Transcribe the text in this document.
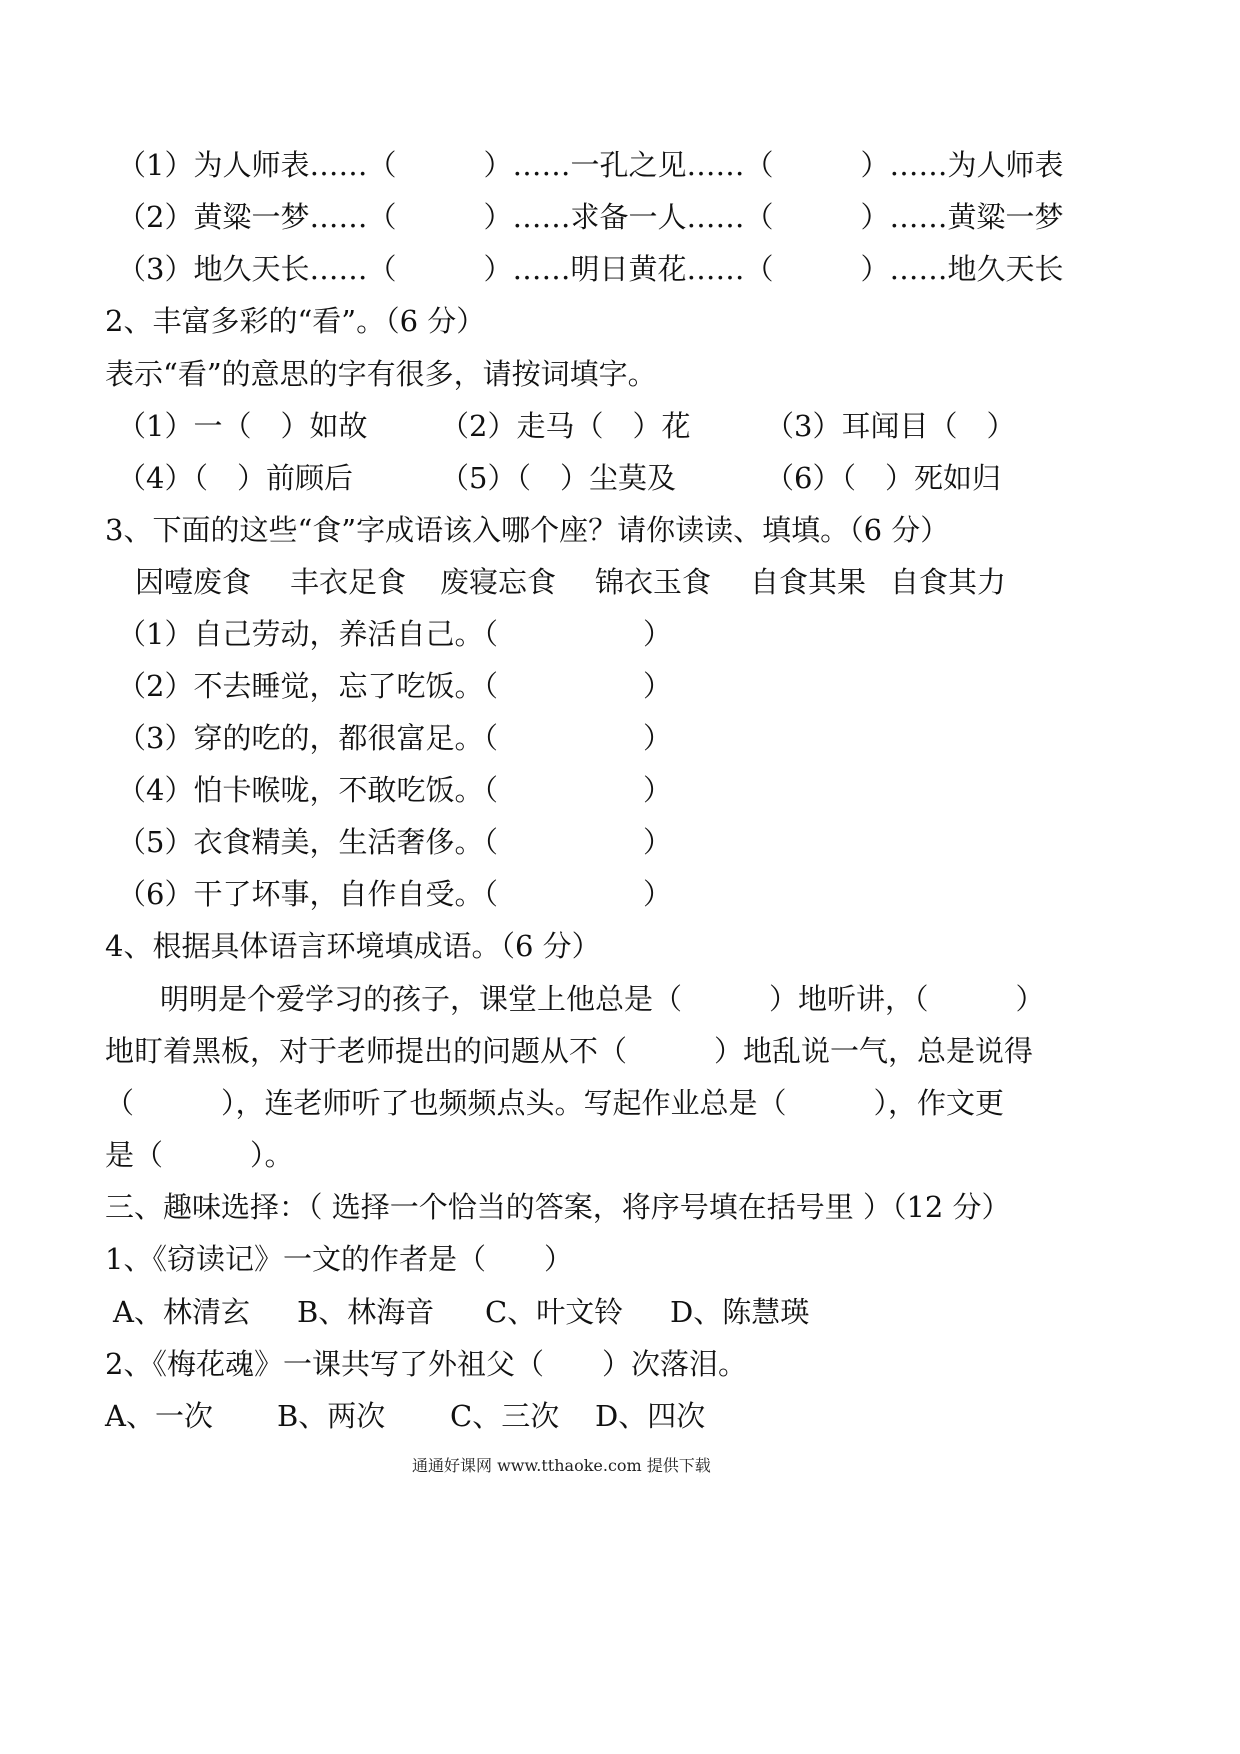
（1）为人师表……（　　　）……一孔之见……（　　　）……为人师表
（2）黄粱一梦……（　　　）……求备一人……（　　　）……黄粱一梦
（3）地久天长……（　　　）……明日黄花……（　　　）……地久天长
2、丰富多彩的“看”。（6 分）
表示“看”的意思的字有很多，请按词填字。
（1）一（　）如故	（2）走马（　）花	（3）耳闻目（　）
（4）（　）前顾后	（5）（　）尘莫及	（6）（　）死如归
3、下面的这些“食”字成语该入哪个座？请你读读、填填。（6 分）
因噎废食 丰衣足食 废寝忘食 锦衣玉食 自食其果 自食其力
（1）自己劳动，养活自己。（　　　　　）
（2）不去睡觉，忘了吃饭。（　　　　　）
（3）穿的吃的，都很富足。（　　　　　）
（4）怕卡喉咙，不敢吃饭。（　　　　　）
（5）衣食精美，生活奢侈。（　　　　　）
（6）干了坏事，自作自受。（　　　　　）
4、根据具体语言环境填成语。（6 分）
明明是个爱学习的孩子，课堂上他总是（　　　）地听讲，（　　　）
地盯着黑板，对于老师提出的问题从不（　　　）地乱说一气，总是说得
（　　　），连老师听了也频频点头。写起作业总是（　　　），作文更
是（　　　）。
三、趣味选择：（ 选择一个恰当的答案，将序号填在括号里 ）（12 分）
1、《窃读记》一文的作者是（　　）
A、林清玄 B、林海音 C、叶文铃 D、陈慧瑛
2、《梅花魂》一课共写了外祖父（　　）次落泪。
A、一次 B、两次 C、三次 D、四次
通通好课网 www.tthaoke.com 提供下载
